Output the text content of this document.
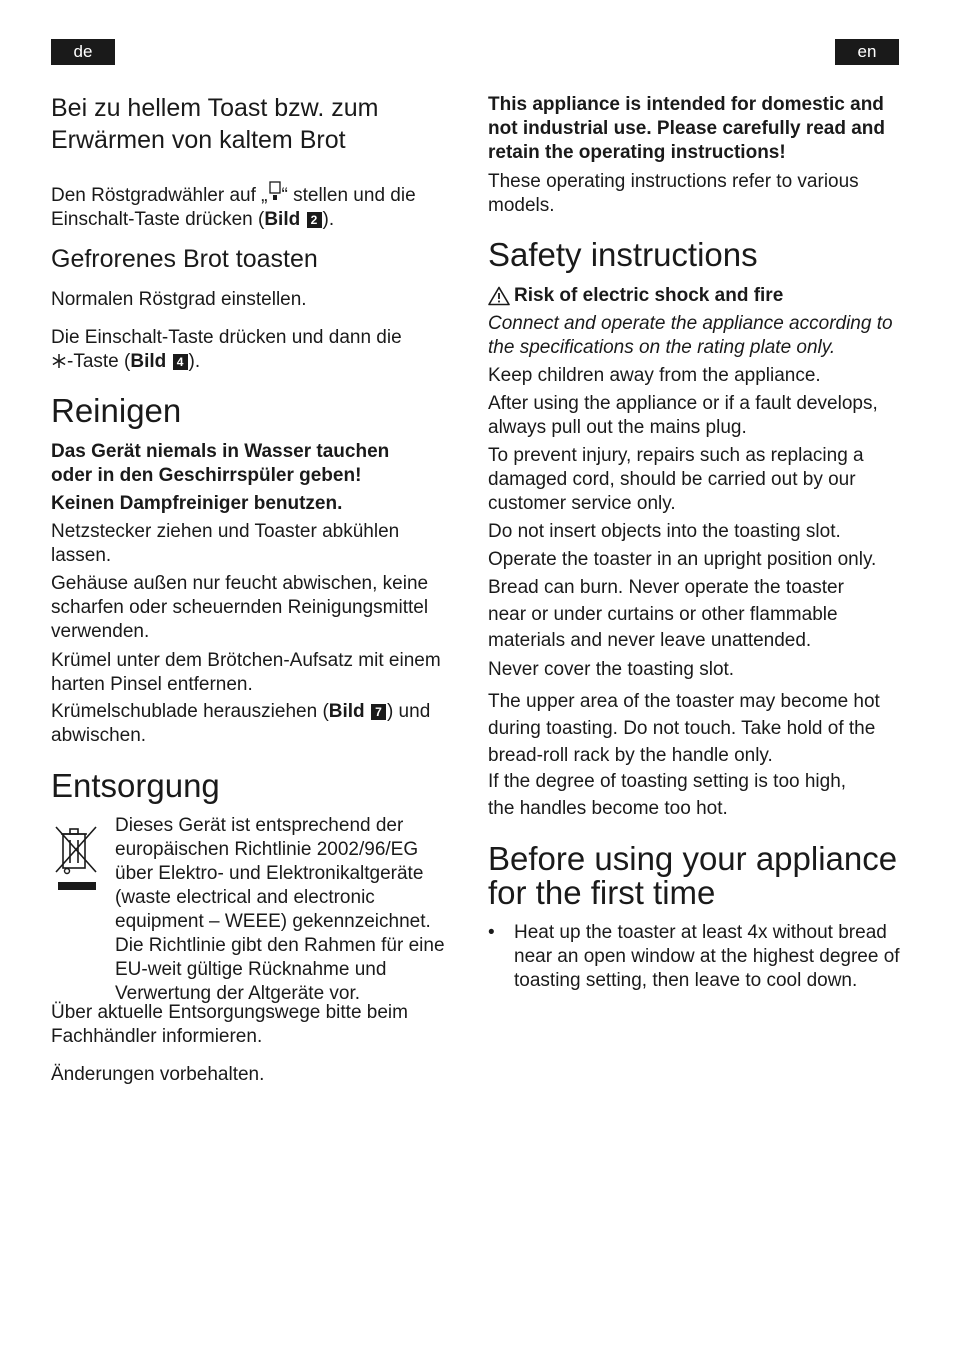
de	en
Bei zu hellem Toast bzw. zum Erwärmen von kaltem Brot
Den Röstgradwähler auf „ “ stellen und die Einschalt-Taste drücken (Bild 2 ).
Gefrorenes Brot toasten
Normalen Röstgrad einstellen.
Die Einschalt-Taste drücken und dann die
-Taste (Bild 4 ).
Reinigen
Das Gerät niemals in Wasser tauchen oder in den Geschirrspüler geben!
Keinen Dampfreiniger benutzen.
Netzstecker ziehen und Toaster abkühlen lassen.
Gehäuse außen nur feucht abwischen, keine scharfen oder scheuernden Reinigungsmittel verwenden.
Krümel unter dem Brötchen-Aufsatz mit einem harten Pinsel entfernen.
Krümelschublade herausziehen (Bild 7 ) und abwischen.
Entsorgung
Dieses Gerät ist entsprechend der europäischen Richtlinie 2002/96/EG über Elektro- und Elektronikaltgeräte (waste electrical and electronic equipment – WEEE) gekennzeichnet. Die Richtlinie gibt den Rahmen für eine EU-weit gültige Rücknahme und Verwertung der Altgeräte vor.
Über aktuelle Entsorgungswege bitte beim Fachhändler informieren.
Änderungen vorbehalten.
This appliance is intended for domestic and not industrial use. Please carefully read and retain the operating instructions!
These operating instructions refer to various models.
Safety instructions
Risk of electric shock and fire
Connect and operate the appliance according to the specifications on the rating plate only.
Keep children away from the appliance.
After using the appliance or if a fault develops, always pull out the mains plug.
To prevent injury, repairs such as replacing a damaged cord, should be carried out by our customer service only.
Do not insert objects into the toasting slot.
Operate the toaster in an upright position only.
Bread can burn. Never operate the toaster near or under curtains or other flammable materials and never leave unattended.
Never cover the toasting slot.
The upper area of the toaster may become hot during toasting. Do not touch. Take hold of the bread-roll rack by the handle only.
If the degree of toasting setting is too high, the handles become too hot.
Before using your appliance for the first time
•	Heat up the toaster at least 4x without bread near an open window at the highest degree of toasting setting, then leave to cool down.
